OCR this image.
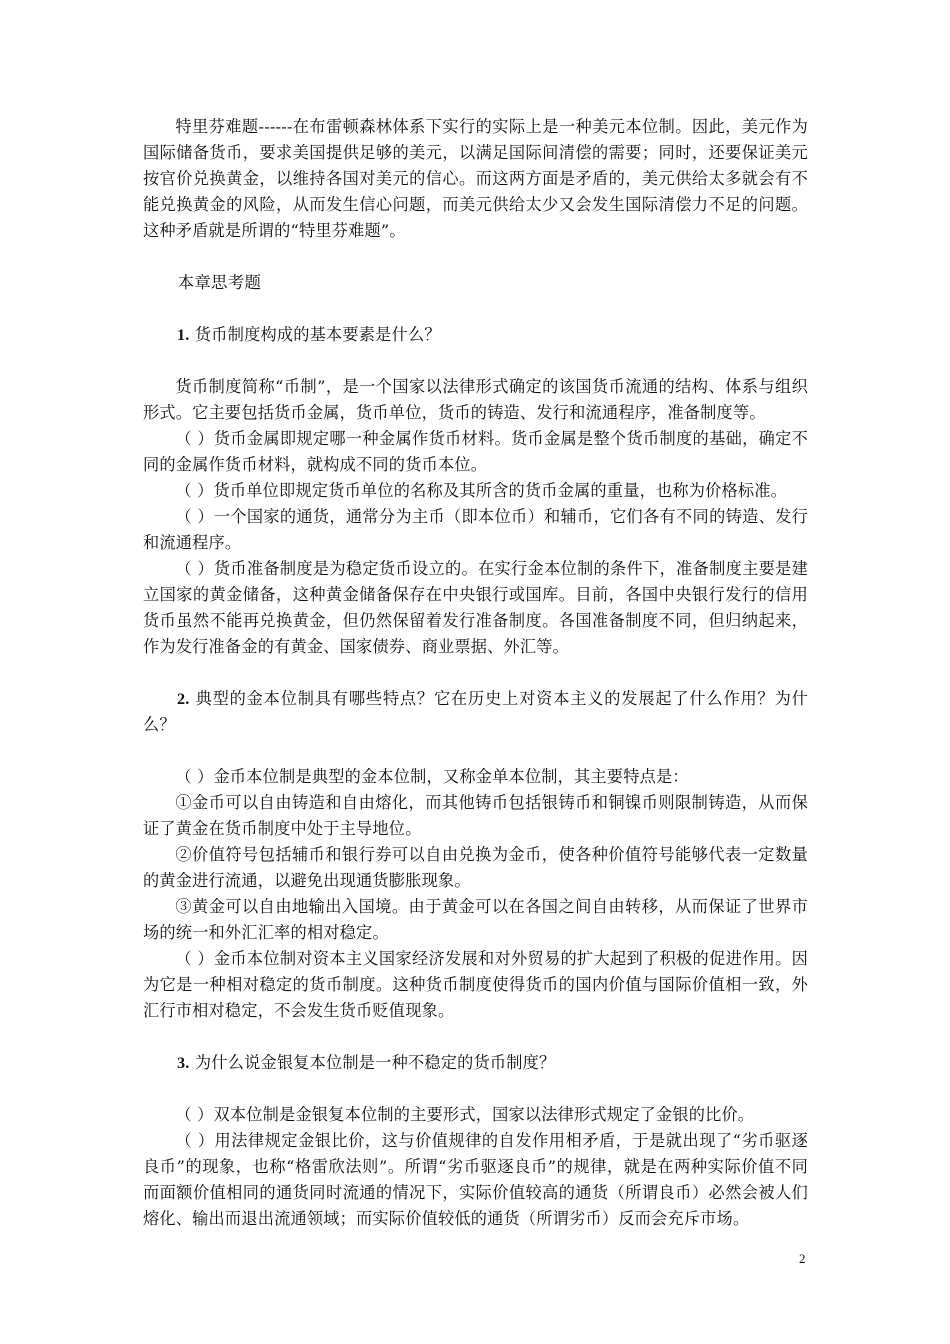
特里芬难题------在布雷顿森林体系下实行的实际上是一种美元本位制。因此，美元作为国际储备货币，要求美国提供足够的美元，以满足国际间清偿的需要；同时，还要保证美元按官价兑换黄金，以维持各国对美元的信心。而这两方面是矛盾的，美元供给太多就会有不能兑换黄金的风险，从而发生信心问题，而美元供给太少又会发生国际清偿力不足的问题。这种矛盾就是所谓的“特里芬难题”。

本章思考题

1. 货币制度构成的基本要素是什么？

货币制度简称“币制”，是一个国家以法律形式确定的该国货币流通的结构、体系与组织形式。它主要包括货币金属，货币单位，货币的铸造、发行和流通程序，准备制度等。

（ ）货币金属即规定哪一种金属作货币材料。货币金属是整个货币制度的基础，确定不同的金属作货币材料，就构成不同的货币本位。

（ ）货币单位即规定货币单位的名称及其所含的货币金属的重量，也称为价格标准。

（ ）一个国家的通货，通常分为主币（即本位币）和辅币，它们各有不同的铸造、发行和流通程序。

（ ）货币准备制度是为稳定货币设立的。在实行金本位制的条件下，准备制度主要是建立国家的黄金储备，这种黄金储备保存在中央银行或国库。目前，各国中央银行发行的信用货币虽然不能再兑换黄金，但仍然保留着发行准备制度。各国准备制度不同，但归纳起来，作为发行准备金的有黄金、国家债券、商业票据、外汇等。

2. 典型的金本位制具有哪些特点？它在历史上对资本主义的发展起了什么作用？为什么？

（ ）金币本位制是典型的金本位制，又称金单本位制，其主要特点是：

①金币可以自由铸造和自由熔化，而其他铸币包括银铸币和铜镍币则限制铸造，从而保证了黄金在货币制度中处于主导地位。

②价值符号包括辅币和银行券可以自由兑换为金币，使各种价值符号能够代表一定数量的黄金进行流通，以避免出现通货膨胀现象。

③黄金可以自由地输出入国境。由于黄金可以在各国之间自由转移，从而保证了世界市场的统一和外汇汇率的相对稳定。

（ ）金币本位制对资本主义国家经济发展和对外贸易的扩大起到了积极的促进作用。因为它是一种相对稳定的货币制度。这种货币制度使得货币的国内价值与国际价值相一致，外汇行市相对稳定，不会发生货币贬值现象。

3. 为什么说金银复本位制是一种不稳定的货币制度？

（ ）双本位制是金银复本位制的主要形式，国家以法律形式规定了金银的比价。

（ ）用法律规定金银比价，这与价值规律的自发作用相矛盾，于是就出现了“劣币驱逐良币”的现象，也称“格雷欣法则”。所谓“劣币驱逐良币”的规律，就是在两种实际价值不同而面额价值相同的通货同时流通的情况下，实际价值较高的通货（所谓良币）必然会被人们熔化、输出而退出流通领域；而实际价值较低的通货（所谓劣币）反而会充斥市场。

2
